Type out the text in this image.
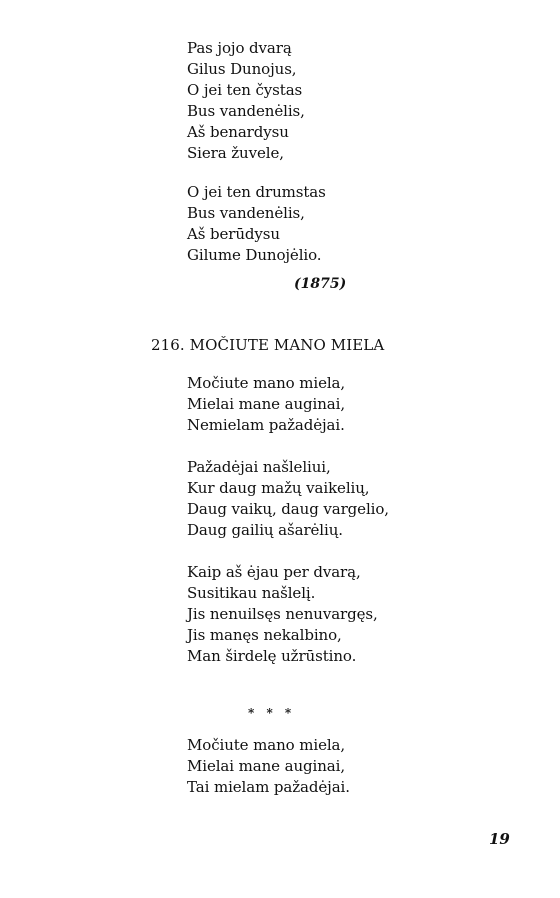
Pas jojo dvarą
Gilus Dunojus,
O jei ten čystas
Bus vandenėlis,
Aš benardysu
Siera žuvele,
O jei ten drumstas
Bus vandenėlis,
Aš berūdysu
Gilume Dunojėlio.
(1875)
216. MOČIUTE MANO MIELA
Močiute mano miela,
Mielai mane auginai,
Nemielam pažadėjai.
Pažadėjai našleliui,
Kur daug mažų vaikelių,
Daug vaikų, daug vargelio,
Daug gailių ašarėlių.
Kaip aš ėjau per dvarą,
Susitikau našlelį.
Jis nenuilsęs nenuvargęs,
Jis manęs nekalbino,
Man širdelę užrūstino.
* * *
Močiute mano miela,
Mielai mane auginai,
Tai mielam pažadėjai.
19
